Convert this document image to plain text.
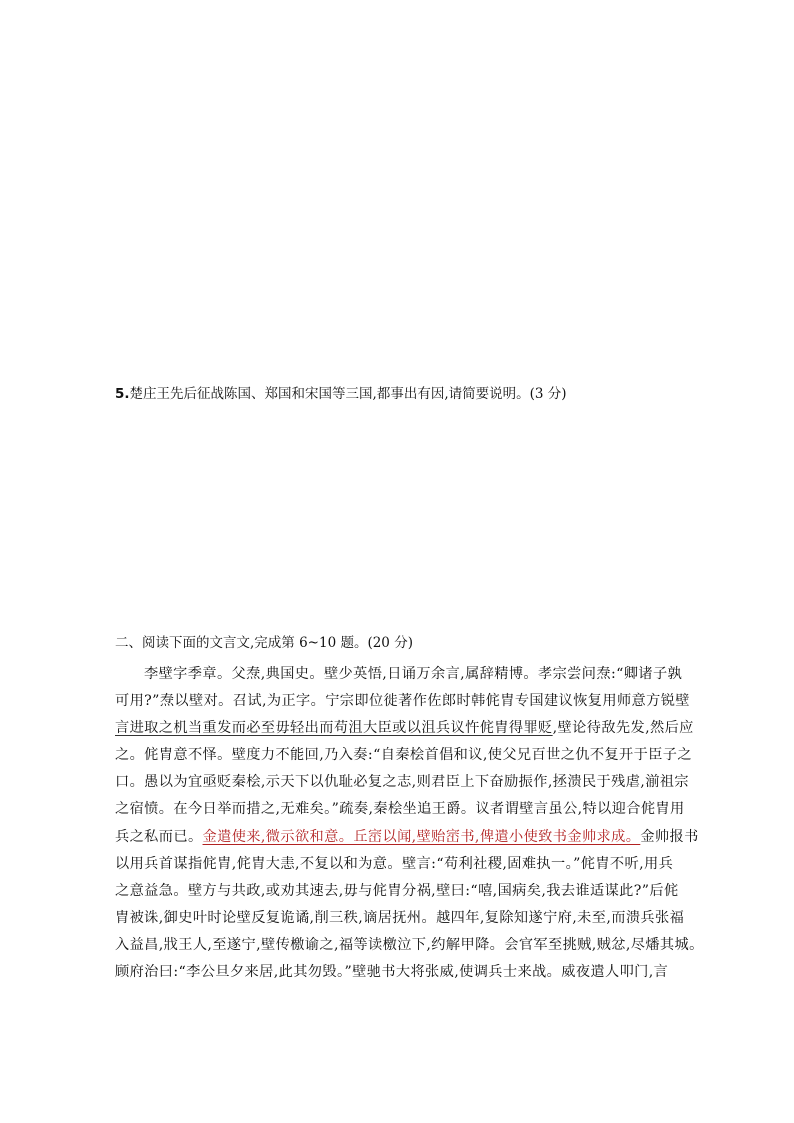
5.楚庄王先后征战陈国、郑国和宋国等三国,都事出有因,请简要说明。(3 分)
二、阅读下面的文言文,完成第 6~10 题。(20 分)
李壁字季章。父焘,典国史。壁少英悟,日诵万余言,属辞精博。孝宗尝问焘:“卿诸子孰
可用?”焘以壁对。召试,为正字。宁宗即位徙著作佐郎时韩侂胄专国建议恢复用师意方锐壁
言进取之机当重发而必至毋轻出而苟沮大臣或以沮兵议忤侂胄得罪贬,壁论待敌先发,然后应
之。侂胄意不怿。壁度力不能回,乃入奏:“自秦桧首倡和议,使父兄百世之仇不复开于臣子之
口。愚以为宜亟贬秦桧,示天下以仇耻必复之志,则君臣上下奋励振作,拯溃民于残虐,湔祖宗
之宿愤。在今日举而措之,无难矣。”疏奏,秦桧坐追王爵。议者谓壁言虽公,特以迎合侂胄用
兵之私而已。金遣使来,微示欲和意。丘崈以闻,壁贻崈书,俾遣小使致书金帅求成。金帅报书
以用兵首谋指侂胄,侂胄大恚,不复以和为意。壁言:“苟利社稷,固难执一。”侂胄不听,用兵
之意益急。壁方与共政,或劝其速去,毋与侂胄分祸,壁曰:“嘻,国病矣,我去谁适谋此?”后侂
胄被诛,御史叶时论壁反复诡谲,削三秩,谪居抚州。越四年,复除知遂宁府,未至,而溃兵张福
入益昌,戕王人,至遂宁,壁传檄谕之,福等读檄泣下,约解甲降。会官军至挑贼,贼忿,尽燔其城。
顾府治曰:“李公旦夕来居,此其勿毁。”壁驰书大将张威,使调兵士来战。威夜遣人叩门,言
